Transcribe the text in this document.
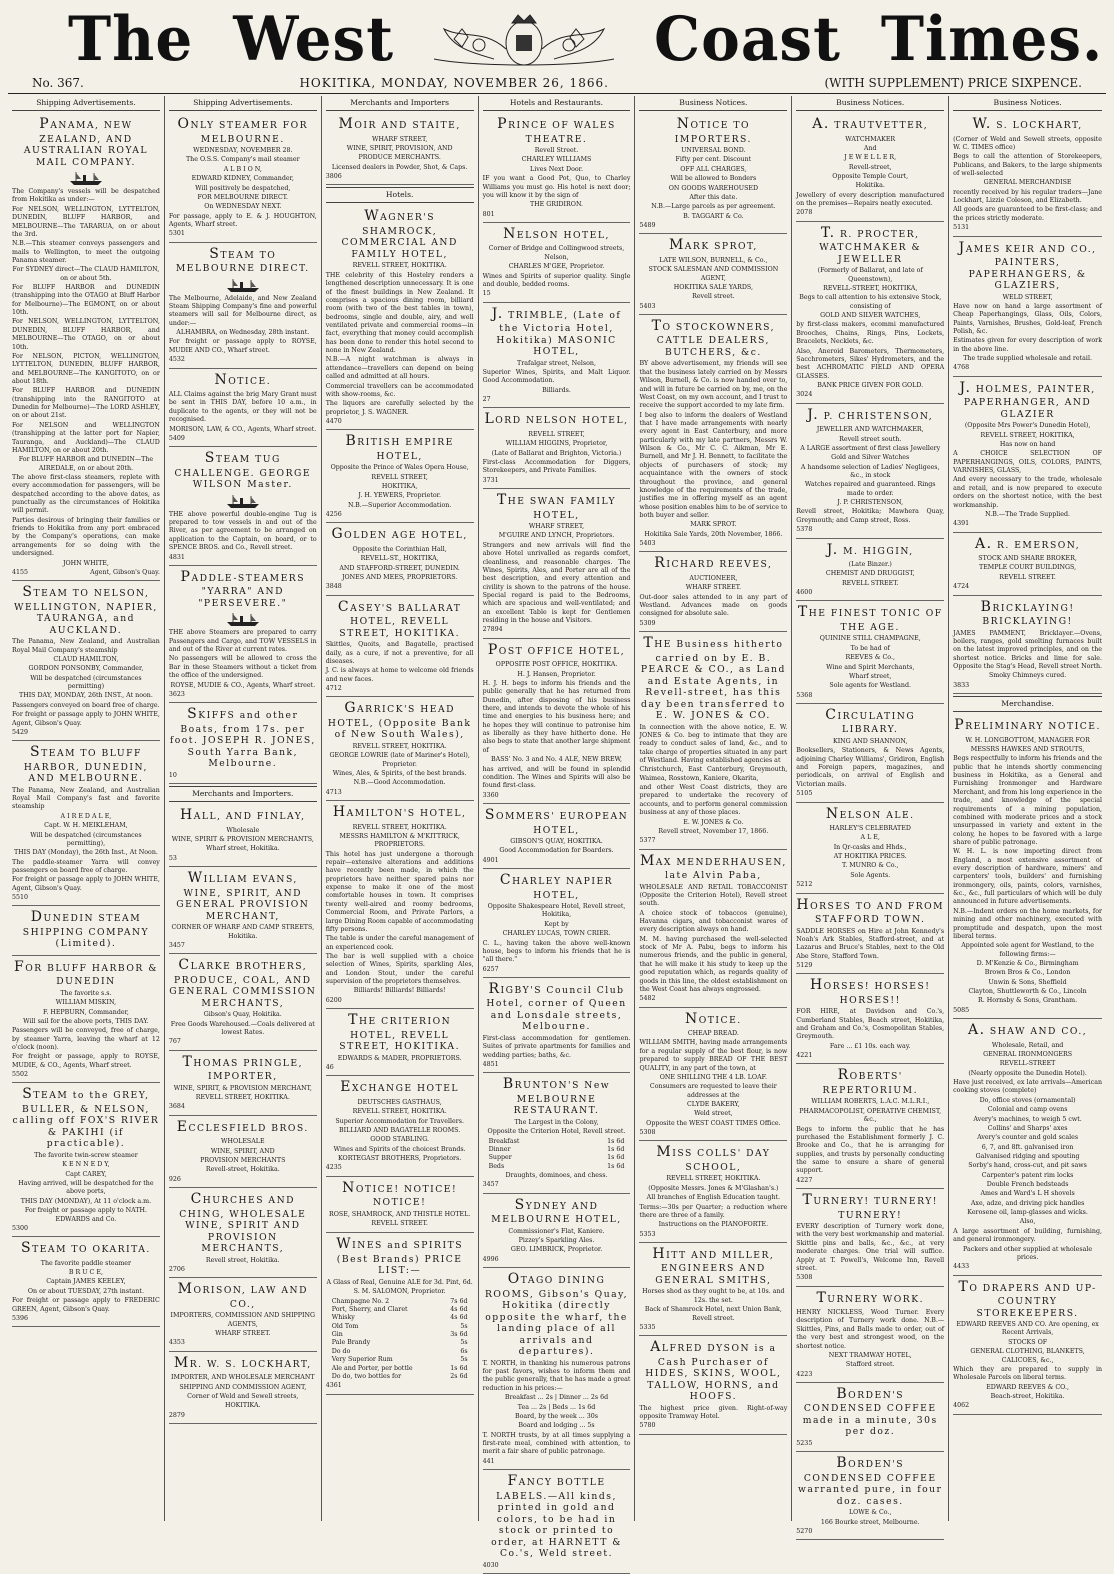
The West	Coast Times.
No. 367.	HOKITIKA, MONDAY, NOVEMBER 26, 1866.	(WITH SUPPLEMENT) PRICE SIXPENCE.
Shipping Advertisements.
PANAMA, NEW ZEALAND, AND AUSTRALIAN ROYAL MAIL COMPANY.
The Company's vessels will be despatched from Hokitika as under:—
For NELSON, WELLINGTON, LYTTELTON, DUNEDIN, BLUFF HARBOR, and MELBOURNE—The TARARUA, on or about the 3rd.
N.B.—This steamer conveys passengers and mails to Wellington, to meet the outgoing Panama steamer.
For SYDNEY direct—The CLAUD HAMILTON, on or about 5th.
For BLUFF HARBOR and DUNEDIN (transhipping into the OTAGO at Bluff Harbor for Melbourne)—The EGMONT, on or about 10th.
For NELSON, WELLINGTON, LYTTELTON, DUNEDIN, BLUFF HARBOR, and MELBOURNE—The OTAGO, on or about 10th.
For NELSON, PICTON, WELLINGTON, LYTTELTON, DUNEDIN, BLUFF HARBOR, and MELBOURNE—The KANGITOTO, on or about 18th.
For BLUFF HARBOR and DUNEDIN (transhipping into the RANGITOTO at Dunedin for Melbourne)—The LORD ASHLEY, on or about 21st.
For NELSON and WELLINGTON (transhipping at the latter port for Napier, Tauranga, and Auckland)—The CLAUD HAMILTON, on or about 20th.
For BLUFF HARBOR and DUNEDIN—The AIREDALE, on or about 20th.
The above first-class steamers, replete with every accommodation for passengers, will be despatched according to the above dates, as punctually as the circumstances of Hokitika will permit.
Parties desirous of bringing their families or friends to Hokitika from any port embraced by the Company's operations, can make arrangements for so doing with the undersigned.
JOHN WHITE,
4155	Agent, Gibson's Quay.
STEAM TO NELSON, WELLINGTON, NAPIER, TAURANGA, and AUCKLAND.
The Panama, New Zealand, and Australian Royal Mail Company's steamship
CLAUD HAMILTON,
GORDON PONSONBY, Commander,
Will be despatched (circumstances permitting)
THIS DAY, MONDAY, 26th INST., At noon.
Passengers conveyed on board free of charge.
For freight or passage apply to JOHN WHITE, Agent, Gibson's Quay.
5429
STEAM TO BLUFF HARBOR, DUNEDIN, AND MELBOURNE.
The Panama, New Zealand, and Australian Royal Mail Company's fast and favorite steamship
A I R E D A L E,
Capt. W. H. MEIKLEHAM,
Will be despatched (circumstances permitting),
THIS DAY (Monday), the 26th Inst., At Noon.
The paddle-steamer Yarra will convey passengers on board free of charge.
For freight or passage apply to JOHN WHITE, Agent, Gibson's Quay.
5510
DUNEDIN STEAM SHIPPING COMPANY (Limited).
FOR BLUFF HARBOR & DUNEDIN
The favorite s.s.
WILLIAM MISKIN,
F. HEPBURN, Commander,
Will sail for the above ports, THIS DAY.
Passengers will be conveyed, free of charge, by steamer Yarra, leaving the wharf at 12 o'clock (noon).
For freight or passage, apply to ROYSE, MUDIE, & CO., Agents, Wharf street.
5502
STEAM to the GREY, BULLER, & NELSON, calling off FOX'S RIVER & PAKIHI (if practicable).
The favorite twin-screw steamer
K E N N E D Y,
Capt CAREY,
Having arrived, will be despatched for the above ports,
THIS DAY (MONDAY), At 11 o'clock a.m.
For freight or passage apply to NATH. EDWARDS and Co.
5300
STEAM TO OKARITA.
The favorite paddle steamer
B R U C E,
Captain JAMES KEELEY,
On or about TUESDAY, 27th instant.
For freight or passage apply to FREDERIC GREEN, Agent, Gibson's Quay.
5396
Shipping Advertisements.
ONLY STEAMER FOR MELBOURNE.
WEDNESDAY, NOVEMBER 28.
The O.S.S. Company's mail steamer
A L B I O N,
EDWARD KIDNEY, Commander,
Will positively be despatched,
FOR MELBOURNE DIRECT.
On WEDNESDAY NEXT.
For passage, apply to E. & J. HOUGHTON, Agents, Wharf street.
5301
STEAM TO MELBOURNE DIRECT.
The Melbourne, Adelaide, and New Zealand Steam Shipping Company's fine and powerful steamers will sail for Melbourne direct, as under:—
ALHAMBRA, on Wednesday, 28th instant.
For freight or passage apply to ROYSE, MUDIE AND CO., Wharf street.
4532
NOTICE.
ALL Claims against the brig Mary Grant must be sent in THIS DAY, before 10 a.m., in duplicate to the agents, or they will not be recognised.
MORISON, LAW, & CO., Agents, Wharf street.
5409
STEAM TUG CHALLENGE. GEORGE WILSON Master.
THE above powerful double-engine Tug is prepared to tow vessels in and out of the River, as per agreement to be arranged on application to the Captain, on board, or to SPENCE BROS. and Co., Revell street.
4831
PADDLE-STEAMERS "YARRA" AND "PERSEVERE."
THE above Steamers are prepared to carry Passengers and Cargo, and TOW VESSELS in and out of the River at current rates.
No passengers will be allowed to cross the Bar in these Steamers without a ticket from the office of the undersigned.
ROYSE, MUDIE & CO., Agents, Wharf street.
3623
SKIFFS and other Boats, from 17s. per foot. JOSEPH R. JONES, South Yarra Bank, Melbourne.
10
Merchants and Importers.
HALL, AND FINLAY,
Wholesale
WINE, SPIRIT & PROVISION MERCHANTS,
Wharf street, Hokitika.
53
WILLIAM EVANS, WINE, SPIRIT, AND GENERAL PROVISION MERCHANT,
CORNER OF WHARF AND CAMP STREETS, Hokitika.
3457
CLARKE BROTHERS, PRODUCE, COAL, AND GENERAL COMMISSION MERCHANTS,
Gibson's Quay, Hokitika.
Free Goods Warehoused.—Coals delivered at lowest Rates.
767
THOMAS PRINGLE, IMPORTER,
WINE, SPIRIT, & PROVISION MERCHANT,
REVELL STREET, HOKITIKA.
3684
ECCLESFIELD BROS.
WHOLESALE
WINE, SPIRIT, AND
PROVISION MERCHANTS
Revell-street, Hokitika.
926
CHURCHES AND CHING, WHOLESALE WINE, SPIRIT AND PROVISION MERCHANTS,
Revell street, Hokitika.
2706
MORISON, LAW AND CO.,
IMPORTERS, COMMISSION AND SHIPPING AGENTS,
WHARF STREET.
4353
MR. W. S. LOCKHART,
IMPORTER, AND WHOLESALE MERCHANT
SHIPPING AND COMMISSION AGENT,
Corner of Weld and Sewell streets,
HOKITIKA.
2879
Merchants and Importers
MOIR AND STAITE,
WHARF STREET,
WINE, SPIRIT, PROVISION, AND
PRODUCE MERCHANTS.
Licensed dealers in Powder, Shot, & Caps.
3806
Hotels.
WAGNER'S SHAMROCK, COMMERCIAL AND FAMILY HOTEL,
REVELL STREET, HOKITIKA.
THE celebrity of this Hostelry renders a lengthened description unnecessary. It is one of the finest buildings in New Zealand. It comprises a spacious dining room, billiard room (with two of the best tables in town), bedrooms, single and double, airy, and well ventilated private and commercial rooms—in fact, everything that money could accomplish has been done to render this hotel second to none in New Zealand.
N.B.—A night watchman is always in attendance—travellers can depend on being called and admitted at all hours.
Commercial travellers can be accommodated with show-rooms, &c.
The liquors are carefully selected by the proprietor, J. S. WAGNER.
4470
BRITISH EMPIRE HOTEL,
Opposite the Prince of Wales Opera House,
REVELL STREET,
HOKITIKA,
J. H. YEWERS, Proprietor.
N.B.—Superior Accommodation.
4256
GOLDEN AGE HOTEL,
Opposite the Corinthian Hall,
REVELL-ST., HOKITIKA,
AND STAFFORD-STREET, DUNEDIN.
JONES AND MEES, PROPRIETORS.
3848
CASEY'S BALLARAT HOTEL, REVELL STREET, HOKITIKA.
Skittles, Quoits, and Bagatelle, practised daily, as a cure, if not a preventive, for all diseases.
J. C. is always at home to welcome old friends and new faces.
4712
GARRICK'S HEAD HOTEL, (Opposite Bank of New South Wales),
REVELL STREET, HOKITIKA.
GEORGE LOWRIE (late of Mariner's Hotel), Proprietor.
Wines, Ales, & Spirits, of the best brands.
N.B.—Good Accommodation.
4713
HAMILTON'S HOTEL,
REVELL STREET, HOKITIKA.
MESSRS HAMILTON & M'KITTRICK, PROPRIETORS.
This hotel has just undergone a thorough repair—extensive alterations and additions have recently been made, in which the proprietors have neither spared pains nor expense to make it one of the most comfortable houses in town. It comprises twenty well-aired and roomy bedrooms, Commercial Room, and Private Parlors, a large Dining Room capable of accommodating fifty persons.
The table is under the careful management of an experienced cook.
The bar is well supplied with a choice selection of Wines, Spirits, sparkling Ales, and London Stout, under the careful supervision of the proprietors themselves.
Billiards! Billiards! Billiards!
6200
THE CRITERION HOTEL, REVELL STREET, HOKITIKA.
EDWARDS & MADER, PROPRIETORS.
46
EXCHANGE HOTEL
DEUTSCHES GASTHAUS,
REVELL STREET, HOKITIKA.
Superior Accommodation for Travellers.
BILLIARD AND BAGATELLE ROOMS.
GOOD STABLING.
Wines and Spirits of the choicest Brands.
KORTEGAST BROTHERS, Proprietors.
4235
NOTICE! NOTICE! NOTICE!
ROSE, SHAMROCK, AND THISTLE HOTEL.
REVELL STREET.
WINES and SPIRITS (Best Brands) PRICE LIST:—
A Glass of Real, Genuine ALE for 3d. Pint, 6d.
S. M. SALOMON, Proprietor.
Champagne No. 2	7s 6d
Port, Sherry, and Claret	4s 6d
Whisky	4s 6d
Old Tom	5s
Gin	3s 6d
Pale Brandy	5s
Do do	6s
Very Superior Rum	5s
Ale and Porter, per bottle	1s 6d
Do do, two bottles for	2s 6d
4361
Hotels and Restaurants.
PRINCE OF WALES THEATRE.
Revell Street.
CHARLEY WILLIAMS
Lives Next Door.
IF you want a Good Pot, Quo, to Charley Williams you must go. His hotel is next door; you will know it by the sign of
THE GRIDIRON.
801
NELSON HOTEL,
Corner of Bridge and Collingwood streets, Nelson,
CHARLES M'GEE, Proprietor.
Wines and Spirits of superior quality. Single and double, bedded rooms.
15
J. TRIMBLE, (Late of the Victoria Hotel, Hokitika) MASONIC HOTEL,
Trafalgar street, Nelson,
Superior Wines, Spirits, and Malt Liquor. Good Accommodation.
Billiards.
27
LORD NELSON HOTEL,
REVELL STREET,
WILLIAM HIGGINS, Proprietor,
(Late of Ballarat and Brighton, Victoria.)
First-class Accommodation for Diggers, Storekeepers, and Private Families.
3731
THE SWAN FAMILY HOTEL,
WHARF STREET,
M'GUIRE AND LYNCH, Proprietors.
Strangers and new arrivals will find the above Hotel unrivalled as regards comfort, cleanliness, and reasonable charges. The Wines, Spirits, Ales, and Porter are all of the best description, and every attention and civility is shown to the patrons of the house. Special regard is paid to the Bedrooms, which are spacious and well-ventilated; and an excellent Table is kept for Gentlemen residing in the house and Visitors.
27894
POST OFFICE HOTEL,
OPPOSITE POST OFFICE, HOKITIKA.
H. J. Hansen, Proprietor.
H. J. H. begs to inform his friends and the public generally that he has returned from Dunedin, after disposing of his business there, and intends to devote the whole of his time and energies to his business here; and he hopes they will continue to patronise him as liberally as they have hitherto done. He also begs to state that another large shipment of
BASS' No. 3 and No. 4 ALE, NEW BREW,
has arrived, and will be found in splendid condition. The Wines and Spirits will also be found first-class.
3360
SOMMERS' EUROPEAN HOTEL,
GIBSON'S QUAY, HOKITIKA.
Good Accommodation for Boarders.
4901
CHARLEY NAPIER HOTEL,
Opposite Shakespeare Hotel, Revell street, Hokitika,
Kept by
CHARLEY LUCAS, TOWN CRIER.
C. L., having taken the above well-known house, begs to inform his friends that he is "all there."
6257
RIGBY'S Council Club Hotel, corner of Queen and Lonsdale streets, Melbourne.
First-class accommodation for gentlemen. Suites of private apartments for families and wedding parties; baths, &c.
4851
BRUNTON'S New MELBOURNE RESTAURANT.
The Largest in the Colony,
Opposite the Criterion Hotel, Revell street.
Breakfast	1s 6d
Dinner	1s 6d
Supper	1s 6d
Beds	1s 6d
Draughts, dominoes, and chess.
3457
SYDNEY AND MELBOURNE HOTEL,
Commissioner's Flat, Kaniere.
Pizzey's Sparkling Ales.
GEO. LIMBRICK, Proprietor.
4996
OTAGO DINING ROOMS, Gibson's Quay, Hokitika (directly opposite the wharf, the landing place of all arrivals and departures).
T. NORTH, in thanking his numerous patrons for past favors, wishes to inform them and the public generally, that he has made a great reduction in his prices:—
Breakfast ... 2s | Dinner ... 2s 6d
Tea ... 2s | Beds ... 1s 6d
Board, by the week ... 30s
Board and lodging ... 5s
T. NORTH trusts, by at all times supplying a first-rate meal, combined with attention, to merit a fair share of public patronage.
441
FANCY BOTTLE LABELS.—All kinds, printed in gold and colors, to be had in stock or printed to order, at HARNETT & Co.'s, Weld street.
4030
Business Notices.
NOTICE TO IMPORTERS.
UNIVERSAL BOND.
Fifty per cent. Discount
OFF ALL CHARGES,
Will be allowed to Bonders
ON GOODS WAREHOUSED
After this date.
N.B.—Large parcels as per agreement.
B. TAGGART & Co.
5489
MARK SPROT,
LATE WILSON, BURNELL, & Co.,
STOCK SALESMAN AND COMMISSION AGENT,
HOKITIKA SALE YARDS,
Revell street.
5403
TO STOCKOWNERS, CATTLE DEALERS, BUTCHERS, &c.
BY above advertisement, my friends will see that the business lately carried on by Messrs Wilson, Burnell, & Co. is now handed over to, and will in future be carried on by, me, on the West Coast, on my own account, and I trust to receive the support accorded to my late firm.
I beg also to inform the dealers of Westland that I have made arrangements with nearly every agent in East Canterbury, and more particularly with my late partners, Messrs W. Wilson & Co., Mr C. C. Aikman, Mr E. Burnell, and Mr J. H. Bennett, to facilitate the objects of purchasers of stock; my acquaintance with the owners of stock throughout the province, and general knowledge of the requirements of the trade, justifies me in offering myself as an agent whose position enables him to be of service to both buyer and seller.
MARK SPROT.
Hokitika Sale Yards, 20th November, 1866.
5403
RICHARD REEVES,
AUCTIONEER,
WHARF STREET.
Out-door sales attended to in any part of Westland. Advances made on goods consigned for absolute sale.
5309
THE Business hitherto carried on by E. B. PEARCE & CO., as Land and Estate Agents, in Revell-street, has this day been transferred to E. W. JONES & CO.
In connection with the above notice, E. W. JONES & Co. beg to intimate that they are ready to conduct sales of land, &c., and to take charge of properties situated in any part of Westland. Having established agencies at
Christchurch, East Canterbury, Greymouth, Waimea, Rosstown, Kaniere, Okarita,
and other West Coast districts, they are prepared to undertake the recovery of accounts, and to perform general commission business at any of those places.
E. W. JONES & Co.
Revell street, November 17, 1866.
5377
MAX MENDERHAUSEN, late Alvin Paba,
WHOLESALE AND RETAIL TOBACCONIST (Opposite the Criterion Hotel), Revell street south.
A choice stock of tobaccos (genuine), Havanna cigars, and tobacconist wares of every description always on hand.
M. M. having purchased the well-selected stock of Mr A. Pabu, begs to inform his numerous friends, and the public in general, that he will make it his study to keep up the good reputation which, as regards quality of goods in this line, the oldest establishment on the West Coast has always engrossed.
5482
NOTICE.
CHEAP BREAD.
WILLIAM SMITH, having made arrangements for a regular supply of the best flour, is now prepared to supply BREAD OF THE BEST QUALITY, in any part of the town, at
ONE SHILLING THE 4 LB. LOAF.
Consumers are requested to leave their addresses at the
CLYDE BAKERY,
Weld street,
Opposite the WEST COAST TIMES Office.
5308
MISS COLLS' DAY SCHOOL,
REVELL STREET, HOKITIKA.
(Opposite Messrs. Jones & M'Glashan's.)
All branches of English Education taught.
Terms:—30s per Quarter; a reduction where there are three of a family.
Instructions on the PIANOFORTE.
5353
HITT AND MILLER, ENGINEERS AND GENERAL SMITHS,
Horses shod as they ought to be, at 10s. and 12s. the set.
Back of Shamrock Hotel, next Union Bank, Revell street.
5335
ALFRED DYSON is a Cash Purchaser of HIDES, SKINS, WOOL, TALLOW, HORNS, and HOOFS.
The highest price given. Right-of-way opposite Tramway Hotel.
5780
Business Notices.
A. TRAUTVETTER,
WATCHMAKER
And
J E W E L L E R,
Revell-street,
Opposite Temple Court,
Hokitika.
Jewellery of every description manufactured on the premises—Repairs neatly executed.
2078
T. R. PROCTER, WATCHMAKER & JEWELLER
(Formerly of Ballarat, and late of Queenstown),
REVELL-STREET, HOKITIKA,
Begs to call attention to his extensive Stock, consisting of
GOLD AND SILVER WATCHES,
by first-class makers, ecommi manufactured Brooches, Chains, Rings, Pins, Lockets, Bracelets, Necklets, &c.
Also, Aneroid Barometers, Thermometers, Sacchrometers, Sikes' Hydrometers, and the best ACHROMATIC FIELD AND OPERA GLASSES.
BANK PRICE GIVEN FOR GOLD.
3024
J. P. CHRISTENSON,
JEWELLER AND WATCHMAKER,
Revell street south.
A LARGE assortment of first class Jewellery
Gold and Silver Watches
A handsome selection of Ladies' Negligees, &c., in stock
Watches repaired and guaranteed. Rings made to order.
J. P. CHRISTENSON,
Revell street, Hokitika; Mawhera Quay, Greymouth; and Camp street, Ross.
5378
J. M. HIGGIN,
(Late Binzer.)
CHEMIST AND DRUGGIST,
REVELL STREET.
4600
THE FINEST TONIC OF THE AGE.
QUININE STILL CHAMPAGNE,
To be had of
REEVES & Co.,
Wine and Spirit Merchants,
Wharf street,
Sole agents for Westland.
5368
CIRCULATING LIBRARY.
KING AND SHANNON,
Booksellers, Stationers, & News Agents, adjoining Charley Williams', Gridiron, English and Foreign papers, magazines, and periodicals, on arrival of English and Victorian mails.
5105
NELSON ALE.
HARLEY'S CELEBRATED
A L E,
In Qr-casks and Hhds.,
AT HOKITIKA PRICES.
T. MUNRO & Co.,
Sole Agents.
5212
HORSES TO AND FROM STAFFORD TOWN.
SADDLE HORSES on Hire at John Kennedy's Noah's Ark Stables, Stafford-street, and at Lazarus and Bruce's Stables, next to the Old Abe Store, Stafford Town.
5129
HORSES! HORSES! HORSES!!
FOR HIRE, at Davidson and Co.'s, Cumberland Stables, Beach street, Hokitika, and Graham and Co.'s, Cosmopolitan Stables, Greymouth.
Fare ... £1 10s. each way.
4221
ROBERTS' REPERTORIUM.
WILLIAM ROBERTS, L.A.C. M.L.R.I.,
PHARMACOPOLIST, OPERATIVE CHEMIST, &c.,
Begs to inform the public that he has purchased the Establishment formerly J. C. Brooke and Co., that he is arranging for supplies, and trusts by personally conducting the same to ensure a share of general support.
4227
TURNERY! TURNERY! TURNERY!
EVERY description of Turnery work done, with the very best workmanship and material. Skittle pins and balls, &c., &c., at very moderate charges. One trial will suffice. Apply at T. Powell's, Welcome Inn, Revell street.
5308
TURNERY WORK.
HENRY NICKLESS, Wood Turner. Every description of Turnery work done. N.B.—Skittles, Pins, and Balls made to order, out of the very best and strongest wood, on the shortest notice.
NEXT TRAMWAY HOTEL,
Stafford street.
4223
BORDEN'S CONDENSED COFFEE made in a minute, 30s per doz.
5235
BORDEN'S CONDENSED COFFEE warranted pure, in four doz. cases.
LOWE & Co.,
166 Bourke street, Melbourne.
5270
Business Notices.
W. S. LOCKHART,
(Corner of Weld and Sewell streets, opposite W. C. TIMES office)
Begs to call the attention of Storekeepers, Publicans, and Bakers, to the large shipments of well-selected
GENERAL MERCHANDISE
recently received by his regular traders—Jane Lockhart, Lizzie Coleson, and Elizabeth.
All goods are guaranteed to be first-class; and the prices strictly moderate.
5131
JAMES KEIR AND CO., PAINTERS, PAPERHANGERS, & GLAZIERS,
WELD STREET,
Have now on hand a large assortment of Cheap Paperhangings, Glass, Oils, Colors, Paints, Varnishes, Brushes, Gold-leaf, French Polish, &c.
Estimates given for every description of work in the above line.
The trade supplied wholesale and retail.
4768
J. HOLMES, PAINTER, PAPERHANGER, AND GLAZIER
(Opposite Mrs Power's Dunedin Hotel),
REVELL STREET, HOKITIKA,
Has now on hand
A CHOICE SELECTION OF PAPERHANGINGS, OILS, COLORS, PAINTS, VARNISHES, GLASS,
And every necessary to the trade, wholesale and retail, and is now prepared to execute orders on the shortest notice, with the best workmanship.
N.B.—The Trade Supplied.
4391
A. R. EMERSON,
STOCK AND SHARE BROKER,
TEMPLE COURT BUILDINGS,
REVELL STREET.
4724
BRICKLAYING! BRICKLAYING!
JAMES PAMMENT, Bricklayer.—Ovens, boilers, ranges, gold smelting furnaces built on the latest improved principles, and on the shortest notice. Bricks and lime for sale. Opposite the Stag's Head, Revell street North.
Smoky Chimneys cured.
3833
Merchandise.
PRELIMINARY NOTICE.
W. H. LONGBOTTOM, MANAGER FOR
MESSRS HAWKES AND STROUTS,
Begs respectfully to inform his friends and the public that he intends shortly commencing business in Hokitika, as a General and Furnishing Ironmonger and Hardware Merchant, and from his long experience in the trade, and knowledge of the special requirements of a mining population, combined with moderate prices and a stock unsurpassed in variety and extent in the colony, he hopes to be favored with a large share of public patronage.
W. H. L. is now importing direct from England, a most extensive assortment of every description of hardware, miners' and carpenters' tools, builders' and furnishing ironmongery, oils, paints, colors, varnishes, &c., &c., full particulars of which will be duly announced in future advertisements.
N.B.—Indent orders on the home markets, for mining and other machinery, executed with promptitude and despatch, upon the most liberal terms.
Appointed sole agent for Westland, to the following firms:—
D. M'Kenzie & Co., Birmingham
Brown Bros & Co., London
Unwin & Sons, Sheffield
Clayton, Shuttleworth & Co., Lincoln
R. Hornsby & Sons, Grantham.
5085
A. SHAW AND CO.,
Wholesale, Retail, and
GENERAL IRONMONGERS
REVELL-STREET
(Nearly opposite the Dunedin Hotel).
Have just received, ex late arrivals—American cooking stoves (complete)
Do, office stoves (ornamental)
Colonial and camp ovens
Avery's machines, to weigh 5 cwt.
Collins' and Sharps' axes
Avery's counter and gold scales
6, 7, and 8ft. galvanised iron
Galvanised ridging and spouting
Sorby's hand, cross-cut, and pit saws
Carpenter's patent rim locks
Double French bedsteads
Ames and Ward's L H shovels
Axe, adze, and driving pick handles
Kerosene oil, lamp-glasses and wicks.
Also,
A large assortment of building, furnishing, and general ironmongery.
Packers and other supplied at wholesale prices.
4433
TO DRAPERS AND UP-COUNTRY STOREKEEPERS.
EDWARD REEVES AND CO. Are opening, ex Recent Arrivals,
STOCKS OF
GENERAL CLOTHING, BLANKETS, CALICOES, &c.,
Which they are prepared to supply in Wholesale Parcels on liberal terms.
EDWARD REEVES & CO.,
Beach-street, Hokitika.
4062
